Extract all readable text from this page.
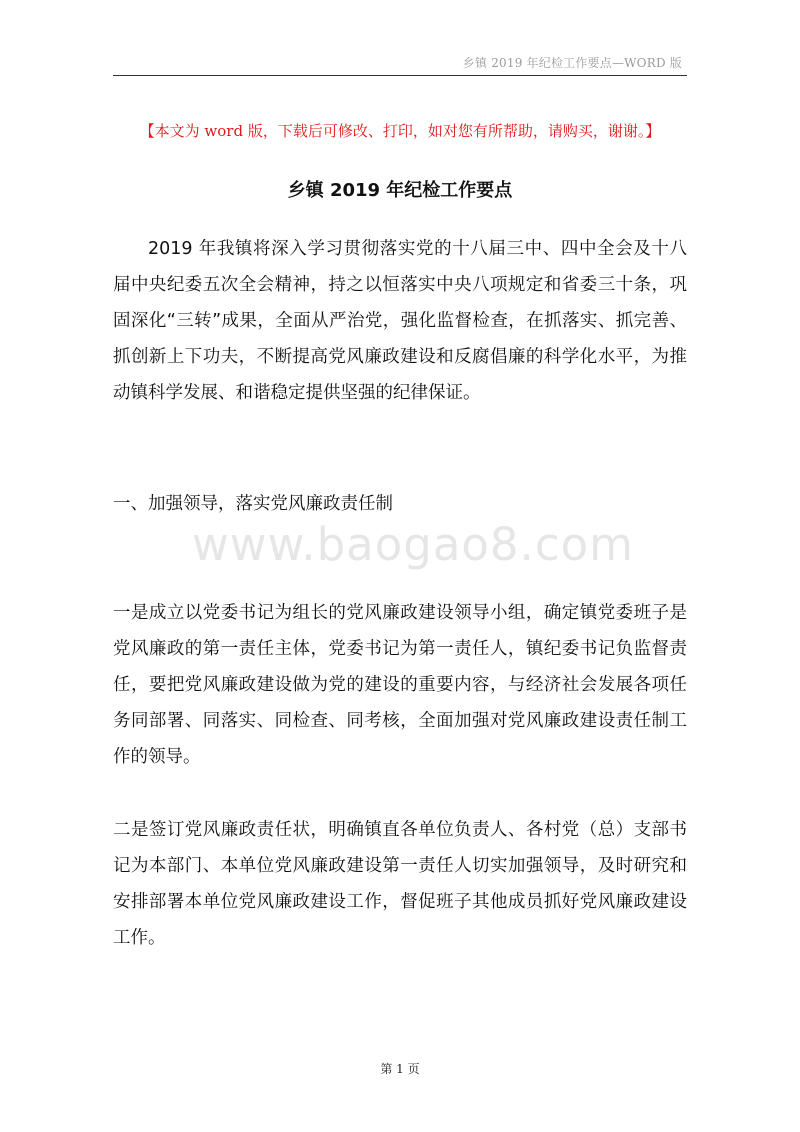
乡镇 2019 年纪检工作要点—WORD 版
【本文为 word 版，下载后可修改、打印，如对您有所帮助，请购买，谢谢。】
乡镇 2019 年纪检工作要点
2019 年我镇将深入学习贯彻落实党的十八届三中、四中全会及十八届中央纪委五次全会精神，持之以恒落实中央八项规定和省委三十条，巩固深化“三转”成果，全面从严治党，强化监督检查，在抓落实、抓完善、抓创新上下功夫，不断提高党风廉政建设和反腐倡廉的科学化水平，为推动镇科学发展、和谐稳定提供坚强的纪律保证。
一、加强领导，落实党风廉政责任制
www.baogao8.com
一是成立以党委书记为组长的党风廉政建设领导小组，确定镇党委班子是党风廉政的第一责任主体，党委书记为第一责任人，镇纪委书记负监督责任，要把党风廉政建设做为党的建设的重要内容，与经济社会发展各项任务同部署、同落实、同检查、同考核，全面加强对党风廉政建设责任制工作的领导。
二是签订党风廉政责任状，明确镇直各单位负责人、各村党（总）支部书记为本部门、本单位党风廉政建设第一责任人切实加强领导，及时研究和安排部署本单位党风廉政建设工作，督促班子其他成员抓好党风廉政建设工作。
第 1 页
